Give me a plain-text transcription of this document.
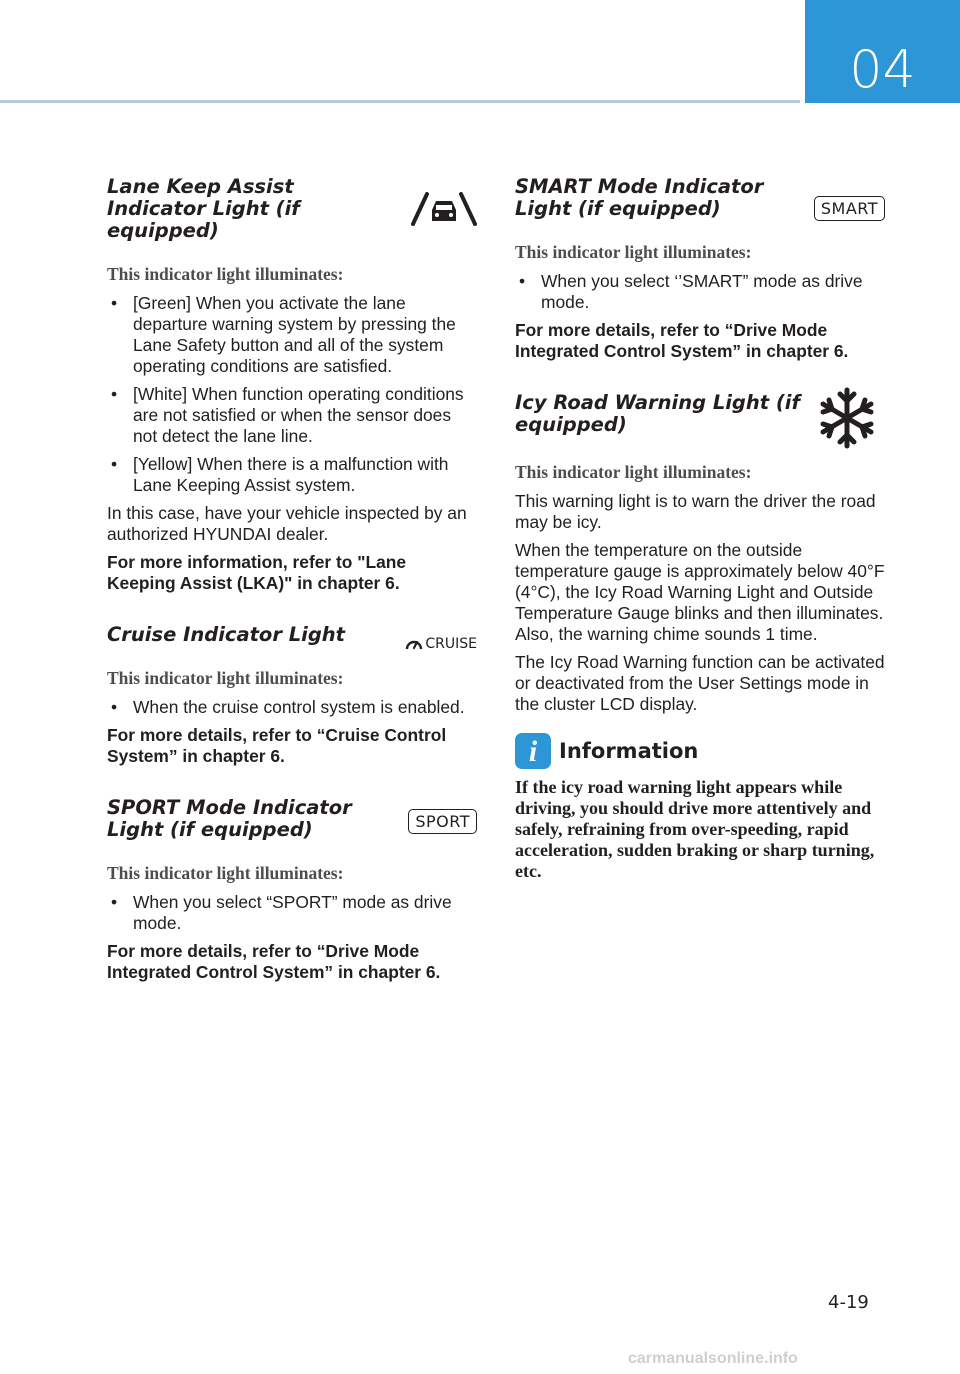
04
Lane Keep Assist Indicator Light (if equipped)
This indicator light illuminates:
• [Green] When you activate the lane departure warning system by pressing the Lane Safety button and all of the system operating conditions are satisfied.
• [White] When function operating conditions are not satisfied or when the sensor does not detect the lane line.
• [Yellow] When there is a malfunction with Lane Keeping Assist system.

In this case, have your vehicle inspected by an authorized HYUNDAI dealer.

For more information, refer to "Lane Keeping Assist (LKA)" in chapter 6.

Cruise Indicator Light	CRUISE
This indicator light illuminates:
• When the cruise control system is enabled.

For more details, refer to “Cruise Control System” in chapter 6.

SPORT Mode Indicator Light (if equipped)	SPORT
This indicator light illuminates:
• When you select “SPORT” mode as drive mode.

For more details, refer to “Drive Mode Integrated Control System” in chapter 6.

SMART Mode Indicator Light (if equipped)	SMART
This indicator light illuminates:
• When you select ‘’SMART” mode as drive mode.

For more details, refer to “Drive Mode Integrated Control System” in chapter 6.

Icy Road Warning Light (if equipped)
This indicator light illuminates:

This warning light is to warn the driver the road may be icy.

When the temperature on the outside temperature gauge is approximately below 40°F (4°C), the Icy Road Warning Light and Outside Temperature Gauge blinks and then illuminates. Also, the warning chime sounds 1 time.

The Icy Road Warning function can be activated or deactivated from the User Settings mode in the cluster LCD display.

i	Information

If the icy road warning light appears while driving, you should drive more attentively and safely, refraining from over-speeding, rapid acceleration, sudden braking or sharp turning, etc.

4-19
carmanualsonline.info
